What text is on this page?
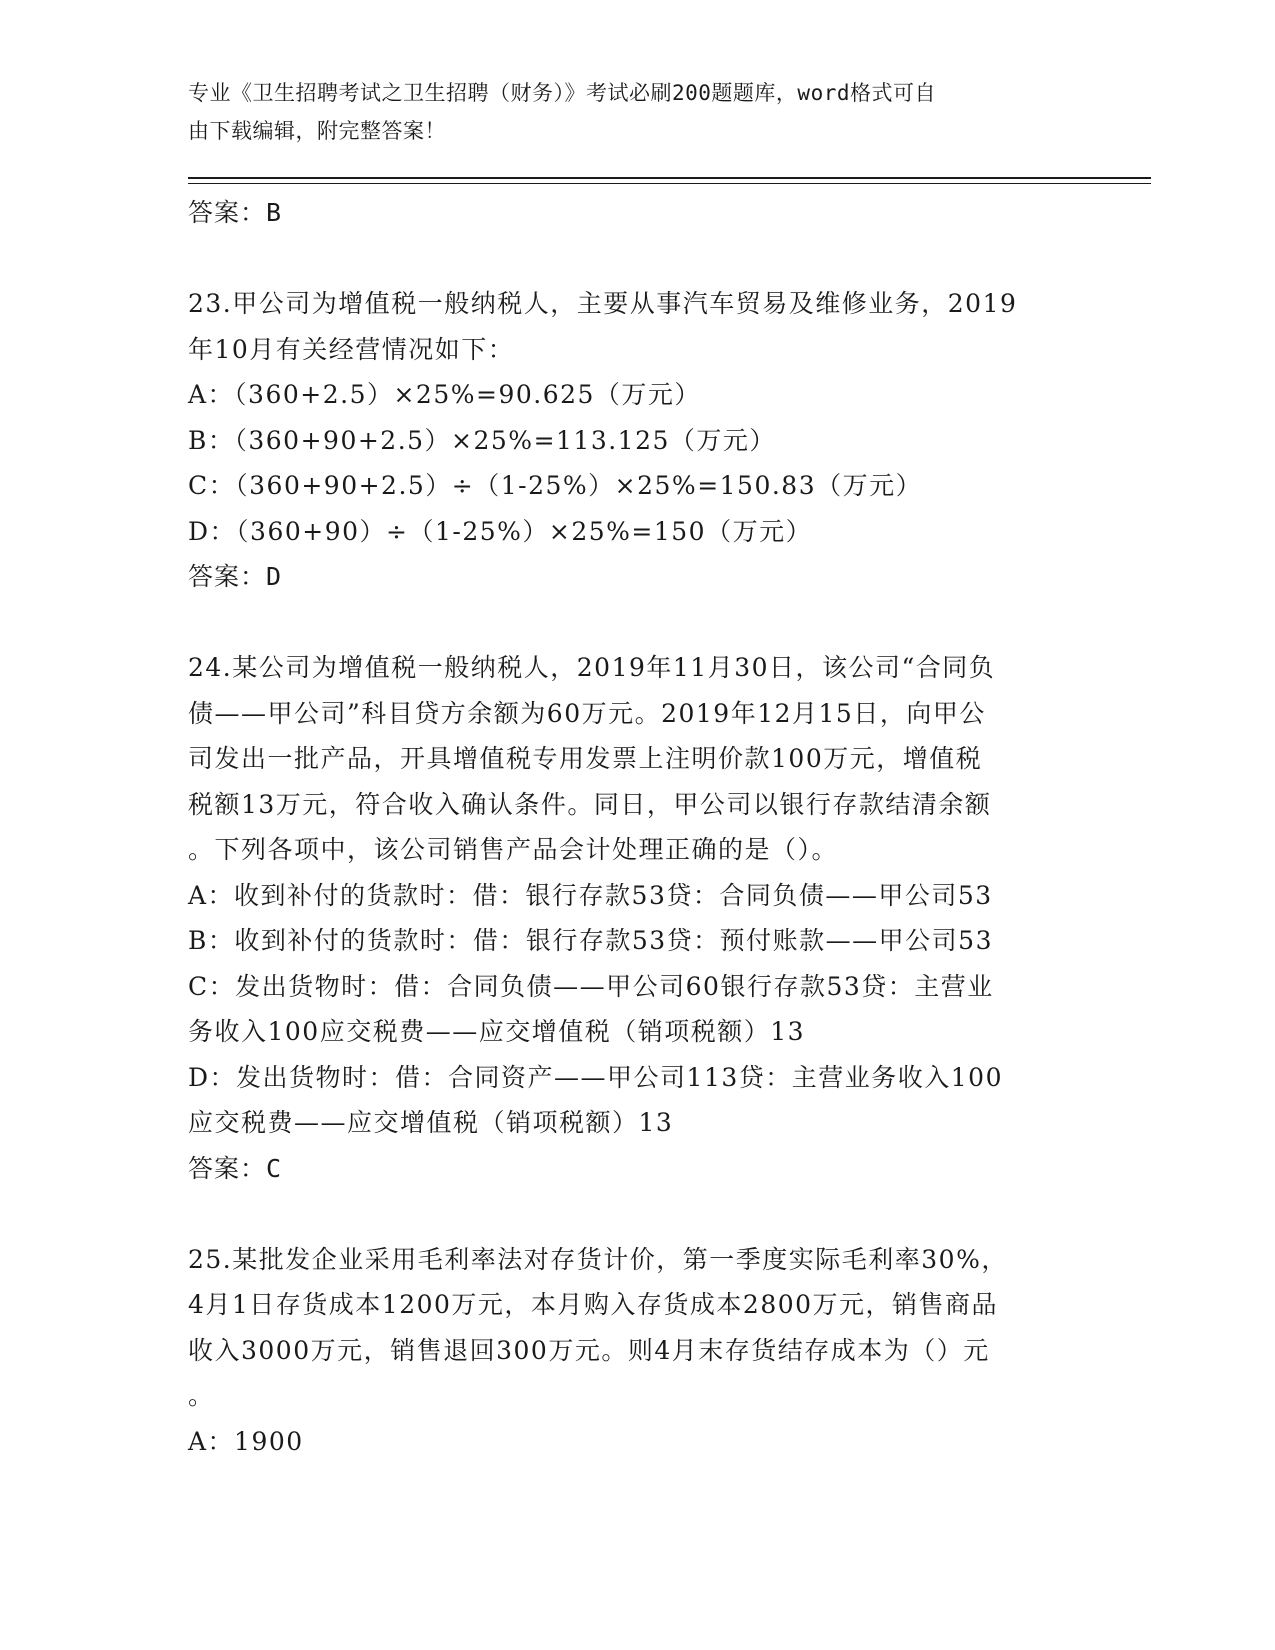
专业《卫生招聘考试之卫生招聘（财务）》考试必刷200题题库，word格式可自
由下载编辑，附完整答案！
答案：B
23.甲公司为增值税一般纳税人，主要从事汽车贸易及维修业务，2019
年10月有关经营情况如下：
A：（360+2.5）×25%=90.625（万元）
B：（360+90+2.5）×25%=113.125（万元）
C：（360+90+2.5）÷（1-25%）×25%=150.83（万元）
D：（360+90）÷（1-25%）×25%=150（万元）
答案：D
24.某公司为增值税一般纳税人，2019年11月30日，该公司“合同负
债——甲公司”科目贷方余额为60万元。2019年12月15日，向甲公
司发出一批产品，开具增值税专用发票上注明价款100万元，增值税
税额13万元，符合收入确认条件。同日，甲公司以银行存款结清余额
。下列各项中，该公司销售产品会计处理正确的是（）。
A：收到补付的货款时：借：银行存款53贷：合同负债——甲公司53
B：收到补付的货款时：借：银行存款53贷：预付账款——甲公司53
C：发出货物时：借：合同负债——甲公司60银行存款53贷：主营业
务收入100应交税费——应交增值税（销项税额）13
D：发出货物时：借：合同资产——甲公司113贷：主营业务收入100
应交税费——应交增值税（销项税额）13
答案：C
25.某批发企业采用毛利率法对存货计价，第一季度实际毛利率30%，
4月1日存货成本1200万元，本月购入存货成本2800万元，销售商品
收入3000万元，销售退回300万元。则4月末存货结存成本为（）元
。
A：1900
